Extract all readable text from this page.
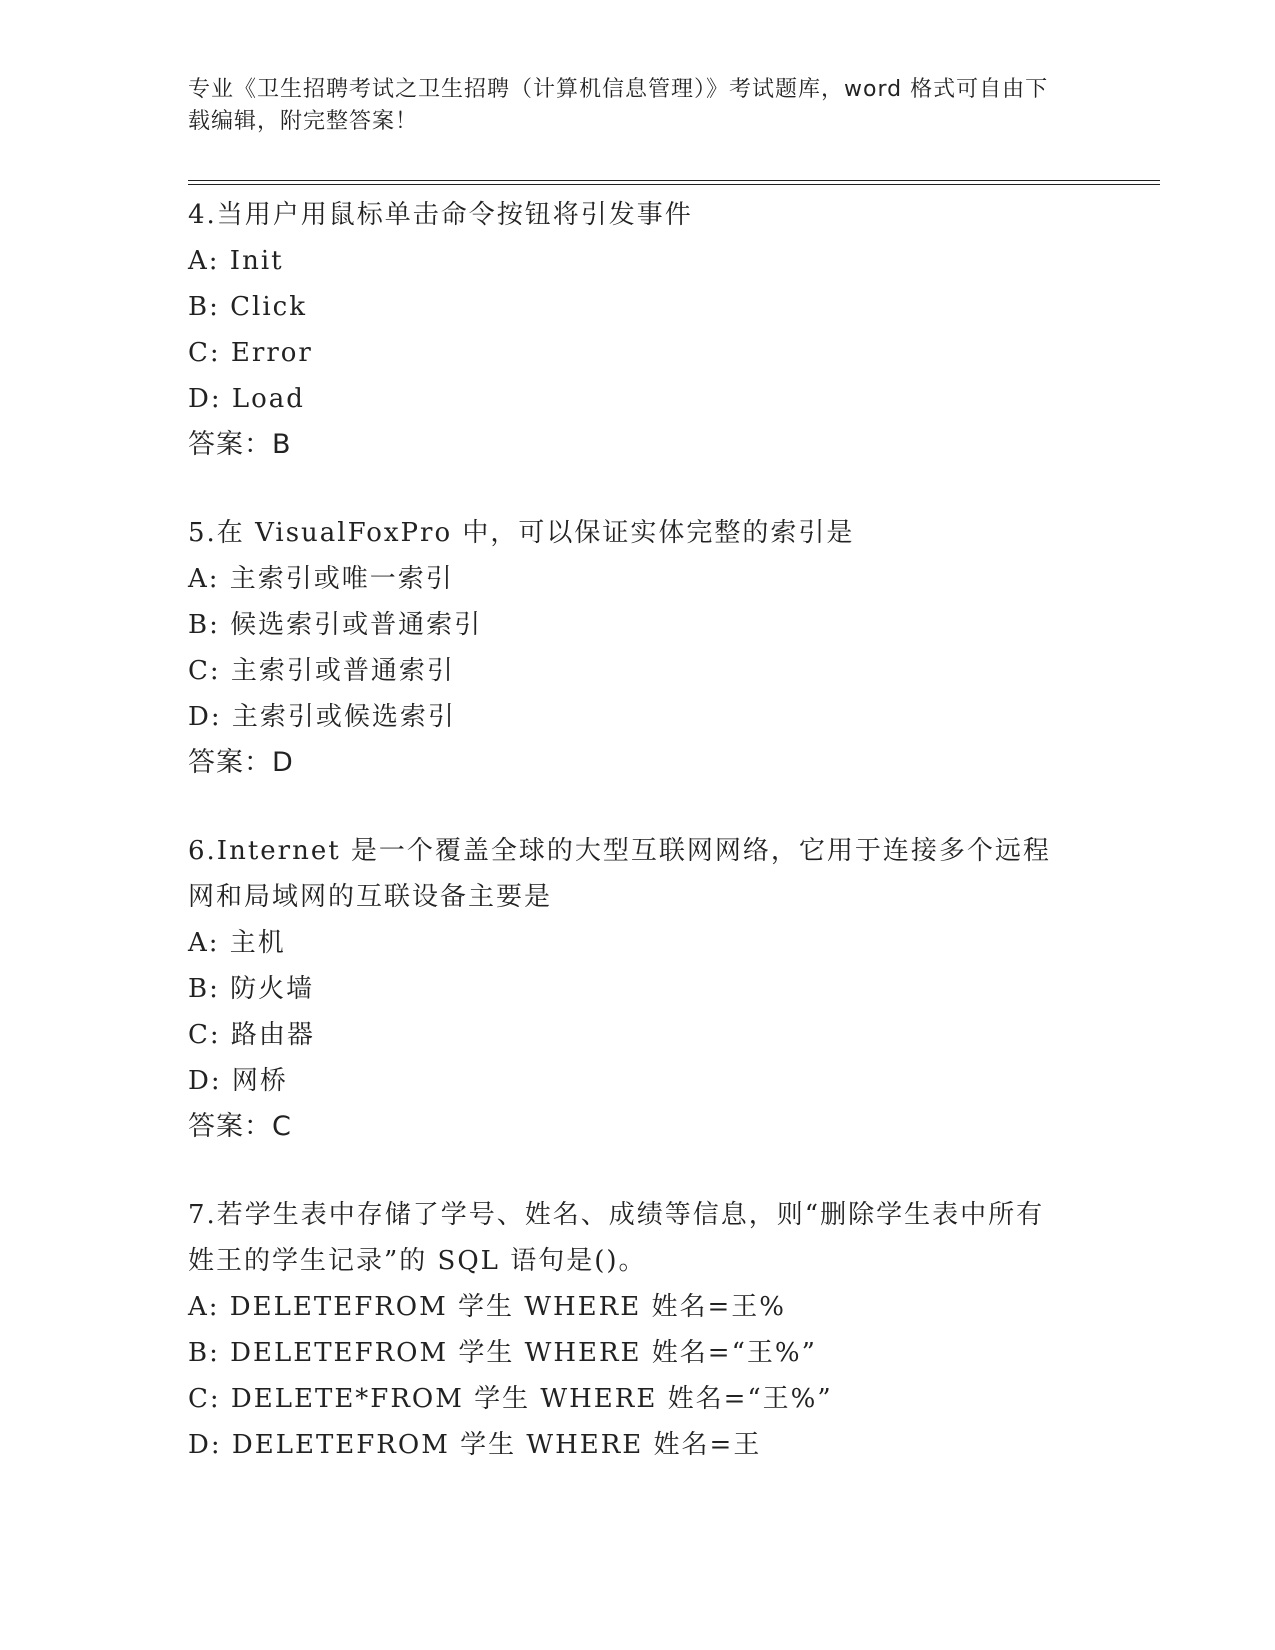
专业《卫生招聘考试之卫生招聘（计算机信息管理）》考试题库，word 格式可自由下载编辑，附完整答案！
4.当用户用鼠标单击命令按钮将引发事件
A: Init
B: Click
C: Error
D: Load
答案：B
5.在 VisualFoxPro 中，可以保证实体完整的索引是
A: 主索引或唯一索引
B: 候选索引或普通索引
C: 主索引或普通索引
D: 主索引或候选索引
答案：D
6.Internet 是一个覆盖全球的大型互联网网络，它用于连接多个远程网和局域网的互联设备主要是
A: 主机
B: 防火墙
C: 路由器
D: 网桥
答案：C
7.若学生表中存储了学号、姓名、成绩等信息，则“删除学生表中所有姓王的学生记录”的 SQL 语句是()。
A: DELETEFROM 学生 WHERE 姓名=王%
B: DELETEFROM 学生 WHERE 姓名=“王%”
C: DELETE*FROM 学生 WHERE 姓名=“王%”
D: DELETEFROM 学生 WHERE 姓名=王
